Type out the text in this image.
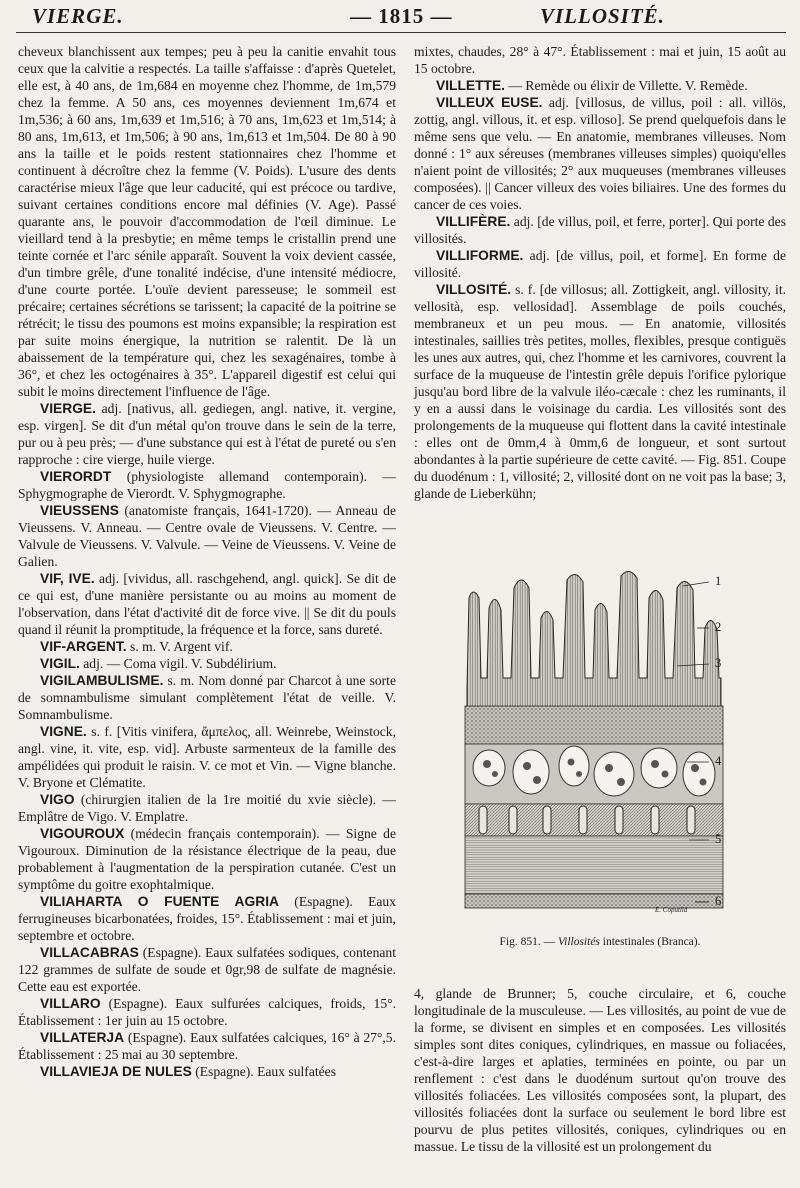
VIERGE.	— 1815 —	VILLOSITÉ.

cheveux blanchissent aux tempes; peu à peu la canitie envahit tous ceux que la calvitie a respectés. La taille s'affaisse : d'après Quetelet, elle est, à 40 ans, de 1m,684 en moyenne chez l'homme, de 1m,579 chez la femme. A 50 ans, ces moyennes deviennent 1m,674 et 1m,536; à 60 ans, 1m,639 et 1m,516; à 70 ans, 1m,623 et 1m,514; à 80 ans, 1m,613, et 1m,506; à 90 ans, 1m,613 et 1m,504. De 80 à 90 ans la taille et le poids restent stationnaires chez l'homme et continuent à décroître chez la femme (V. Poids). L'usure des dents caractérise mieux l'âge que leur caducité, qui est précoce ou tardive, suivant certaines conditions encore mal définies (V. Age). Passé quarante ans, le pouvoir d'accommodation de l'œil diminue. Le vieillard tend à la presbytie; en même temps le cristallin prend une teinte cornée et l'arc sénile apparaît. Souvent la voix devient cassée, d'un timbre grêle, d'une tonalité indécise, d'une intensité médiocre, d'une courte portée. L'ouïe devient paresseuse; le sommeil est précaire; certaines sécrétions se tarissent; la capacité de la poitrine se rétrécit; le tissu des poumons est moins expansible; la respiration est par suite moins énergique, la nutrition se ralentit. De là un abaissement de la température qui, chez les sexagénaires, tombe à 36°, et chez les octogénaires à 35°. L'appareil digestif est celui qui subit le moins directement l'influence de l'âge.

VIERGE. adj. [nativus, all. gediegen, angl. native, it. vergine, esp. virgen]. Se dit d'un métal qu'on trouve dans le sein de la terre, pur ou à peu près; — d'une substance qui est à l'état de pureté ou s'en rapproche : cire vierge, huile vierge.

VIERORDT (physiologiste allemand contemporain). — Sphygmographe de Vierordt. V. Sphygmographe.

VIEUSSENS (anatomiste français, 1641-1720). — Anneau de Vieussens. V. Anneau. — Centre ovale de Vieussens. V. Centre. — Valvule de Vieussens. V. Valvule. — Veine de Vieussens. V. Veine de Galien.

VIF, IVE. adj. [vividus, all. raschgehend, angl. quick]. Se dit de ce qui est, d'une manière persistante ou au moins au moment de l'observation, dans l'état d'activité dit de force vive. || Se dit du pouls quand il réunit la promptitude, la fréquence et la force, sans dureté.

VIF-ARGENT. s. m. V. Argent vif.

VIGIL. adj. — Coma vigil. V. Subdélirium.

VIGILAMBULISME. s. m. Nom donné par Charcot à une sorte de somnambulisme simulant complètement l'état de veille. V. Somnambulisme.

VIGNE. s. f. [Vitis vinifera, ἄμπελος, all. Weinrebe, Weinstock, angl. vine, it. vite, esp. vid]. Arbuste sarmenteux de la famille des ampélidées qui produit le raisin. V. ce mot et Vin. — Vigne blanche. V. Bryone et Clématite.

VIGO (chirurgien italien de la 1re moitié du xvie siècle). — Emplâtre de Vigo. V. Emplatre.

VIGOUROUX (médecin français contemporain). — Signe de Vigouroux. Diminution de la résistance électrique de la peau, due probablement à l'augmentation de la perspiration cutanée. C'est un symptôme du goitre exophtalmique.

VILIAHARTA O FUENTE AGRIA (Espagne). Eaux ferrugineuses bicarbonatées, froides, 15°. Établissement : mai et juin, septembre et octobre.

VILLACABRAS (Espagne). Eaux sulfatées sodiques, contenant 122 grammes de sulfate de soude et 0gr,98 de sulfate de magnésie. Cette eau est exportée.

VILLARO (Espagne). Eaux sulfurées calciques, froids, 15°. Établissement : 1er juin au 15 octobre.

VILLATERJA (Espagne). Eaux sulfatées calciques, 16° à 27°,5. Établissement : 25 mai au 30 septembre.

VILLAVIEJA DE NULES (Espagne). Eaux sulfatées

mixtes, chaudes, 28° à 47°. Établissement : mai et juin, 15 août au 15 octobre.

VILLETTE. — Remède ou élixir de Villette. V. Remède.

VILLEUX EUSE. adj. [villosus, de villus, poil : all. villös, zottig, angl. villous, it. et esp. villoso]. Se prend quelquefois dans le même sens que velu. — En anatomie, membranes villeuses. Nom donné : 1° aux séreuses (membranes villeuses simples) quoiqu'elles n'aient point de villosités; 2° aux muqueuses (membranes villeuses composées). || Cancer villeux des voies biliaires. Une des formes du cancer de ces voies.

VILLIFÈRE. adj. [de villus, poil, et ferre, porter]. Qui porte des villosités.

VILLIFORME. adj. [de villus, poil, et forme]. En forme de villosité.

VILLOSITÉ. s. f. [de villosus; all. Zottigkeit, angl. villosity, it. vellosità, esp. vellosidad]. Assemblage de poils couchés, membraneux et un peu mous. — En anatomie, villosités intestinales, saillies très petites, molles, flexibles, presque contiguës les unes aux autres, qui, chez l'homme et les carnivores, couvrent la surface de la muqueuse de l'intestin grêle depuis l'orifice pylorique jusqu'au bord libre de la valvule iléo-cæcale : chez les ruminants, il y en a aussi dans le voisinage du cardia. Les villosités sont des prolongements de la muqueuse qui flottent dans la cavité intestinale : elles ont de 0mm,4 à 0mm,6 de longueur, et sont surtout abondantes à la partie supérieure de cette cavité. — Fig. 851. Coupe du duodénum : 1, villosité; 2, villosité dont on ne voit pas la base; 3, glande de Lieberkühn;

1
2
3
4
5
6
E. Coputlid
Fig. 851. — Villosités intestinales (Branca).

4, glande de Brunner; 5, couche circulaire, et 6, couche longitudinale de la musculeuse. — Les villosités, au point de vue de la forme, se divisent en simples et en composées. Les villosités simples sont dites coniques, cylindriques, en massue ou foliacées, c'est-à-dire larges et aplaties, terminées en pointe, ou par un renflement : c'est dans le duodénum surtout qu'on trouve des villosités foliacées. Les villosités composées sont, la plupart, des villosités foliacées dont la surface ou seulement le bord libre est pourvu de plus petites villosités, coniques, cylindriques ou en massue. Le tissu de la villosité est un prolongement du
